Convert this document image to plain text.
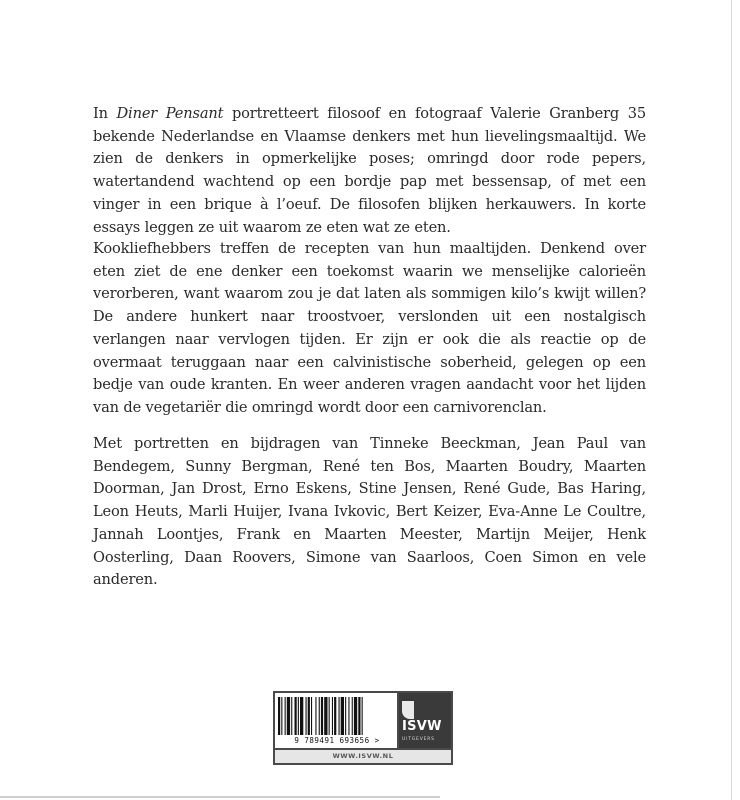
In Diner Pensant portretteert filosoof en fotograaf Valerie Granberg 35 bekende Nederlandse en Vlaamse denkers met hun lievelingsmaaltijd. We zien de denkers in opmerkelijke poses; omringd door rode pepers, watertandend wachtend op een bordje pap met bessensap, of met een vinger in een brique à l’oeuf. De filosofen blijken herkauwers. In korte essays leggen ze uit waarom ze eten wat ze eten.

Kookliefhebbers treffen de recepten van hun maaltijden. Denkend over eten ziet de ene denker een toekomst waarin we menselijke calorieën verorberen, want waarom zou je dat laten als sommigen kilo’s kwijt willen? De andere hunkert naar troostvoer, verslonden uit een nostalgisch verlangen naar vervlogen tijden. Er zijn er ook die als reactie op de overmaat teruggaan naar een calvinistische soberheid, gelegen op een bedje van oude kranten. En weer anderen vragen aandacht voor het lijden van de vegetariër die omringd wordt door een carnivorenclan.

Met portretten en bijdragen van Tinneke Beeckman, Jean Paul van Bendegem, Sunny Bergman, René ten Bos, Maarten Boudry, Maarten Doorman, Jan Drost, Erno Eskens, Stine Jensen, René Gude, Bas Haring, Leon Heuts, Marli Huijer, Ivana Ivkovic, Bert Keizer, Eva-Anne Le Coultre, Jannah Loontjes, Frank en Maarten Meester, Martijn Meijer, Henk Oosterling, Daan Roovers, Simone van Saarloos, Coen Simon en vele anderen.

9 789491 693656 >
ISVW
UITGEVERS
WWW.ISVW.NL
